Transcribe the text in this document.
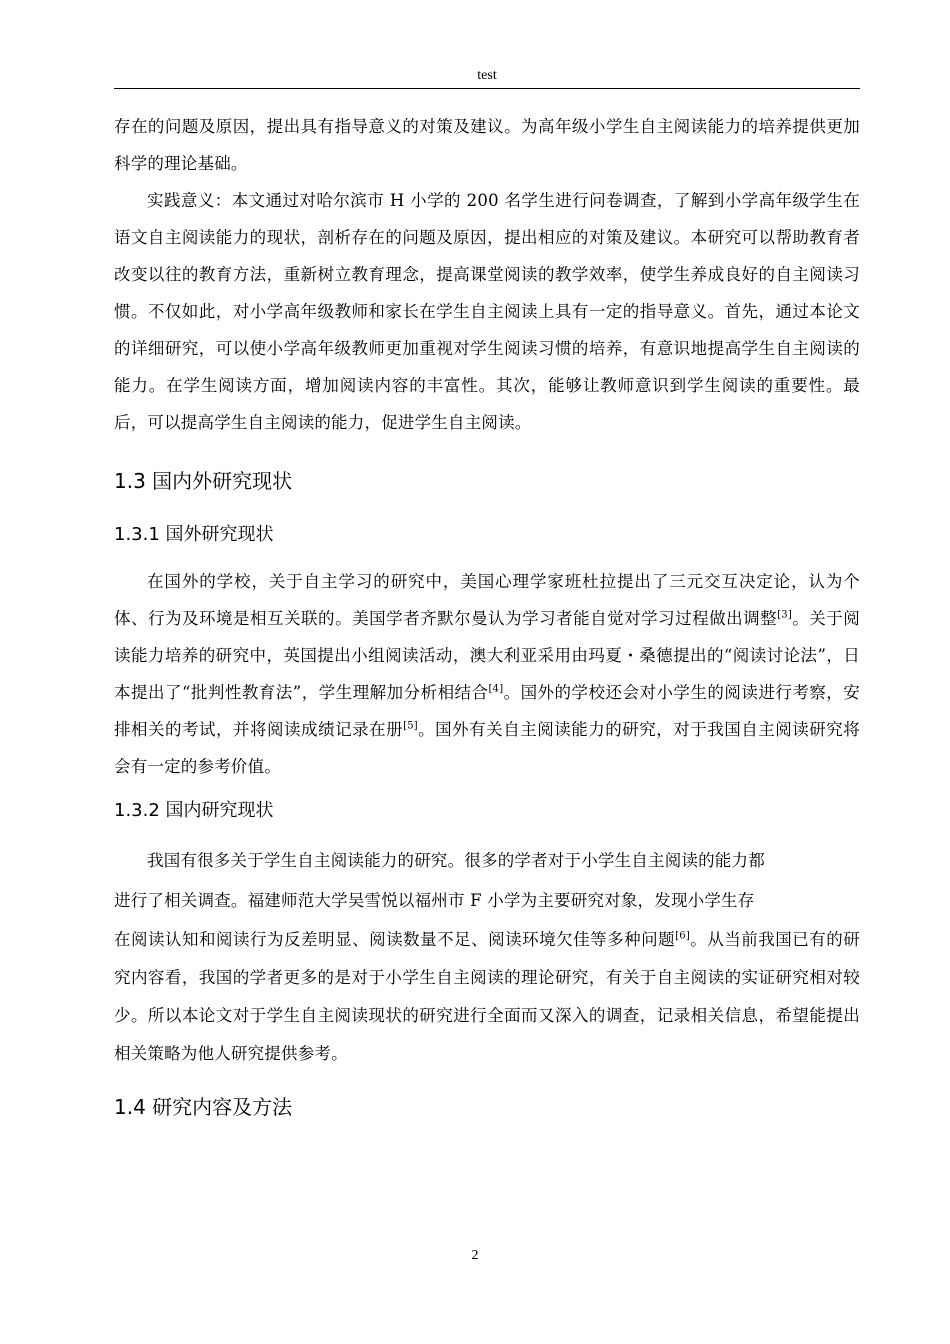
test

存在的问题及原因，提出具有指导意义的对策及建议。为高年级小学生自主阅读能力的培养提供更加科学的理论基础。

实践意义：本文通过对哈尔滨市 H 小学的 200 名学生进行问卷调查，了解到小学高年级学生在语文自主阅读能力的现状，剖析存在的问题及原因，提出相应的对策及建议。本研究可以帮助教育者改变以往的教育方法，重新树立教育理念，提高课堂阅读的教学效率，使学生养成良好的自主阅读习惯。不仅如此，对小学高年级教师和家长在学生自主阅读上具有一定的指导意义。首先，通过本论文的详细研究，可以使小学高年级教师更加重视对学生阅读习惯的培养，有意识地提高学生自主阅读的能力。在学生阅读方面，增加阅读内容的丰富性。其次，能够让教师意识到学生阅读的重要性。最后，可以提高学生自主阅读的能力，促进学生自主阅读。

1.3 国内外研究现状
1.3.1 国外研究现状

在国外的学校，关于自主学习的研究中，美国心理学家班杜拉提出了三元交互决定论，认为个体、行为及环境是相互关联的。美国学者齐默尔曼认为学习者能自觉对学习过程做出调整[3]。关于阅读能力培养的研究中，英国提出小组阅读活动，澳大利亚采用由玛夏・桑德提出的“阅读讨论法”，日本提出了“批判性教育法”，学生理解加分析相结合[4]。国外的学校还会对小学生的阅读进行考察，安排相关的考试，并将阅读成绩记录在册[5]。国外有关自主阅读能力的研究，对于我国自主阅读研究将会有一定的参考价值。

1.3.2 国内研究现状

我国有很多关于学生自主阅读能力的研究。很多的学者对于小学生自主阅读的能力都

进行了相关调查。福建师范大学吴雪悦以福州市 F 小学为主要研究对象，发现小学生存

在阅读认知和阅读行为反差明显、阅读数量不足、阅读环境欠佳等多种问题[6]。从当前我国已有的研究内容看，我国的学者更多的是对于小学生自主阅读的理论研究，有关于自主阅读的实证研究相对较少。所以本论文对于学生自主阅读现状的研究进行全面而又深入的调查，记录相关信息，希望能提出相关策略为他人研究提供参考。

1.4 研究内容及方法
2
